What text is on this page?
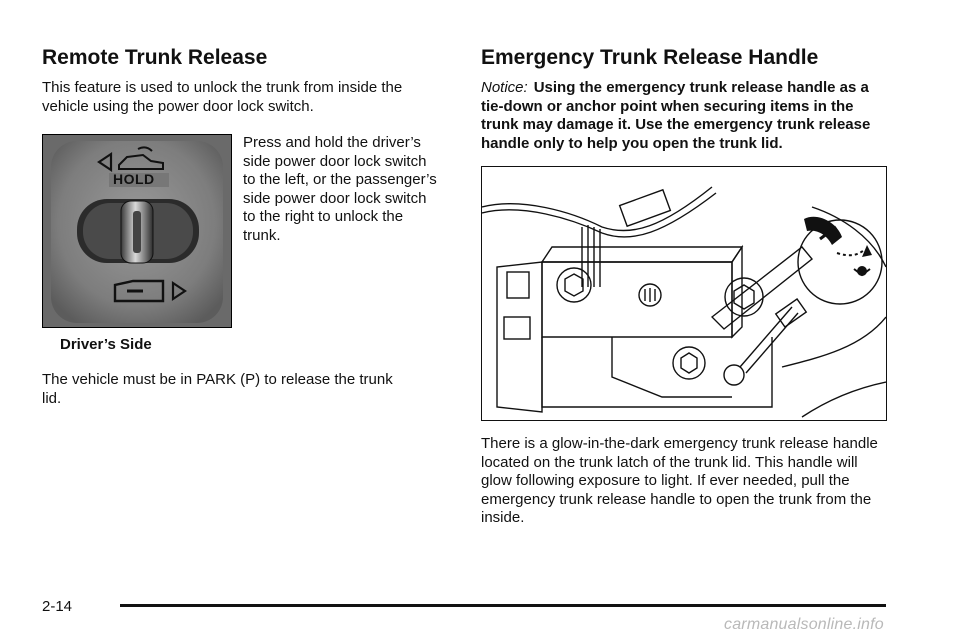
Remote Trunk Release
This feature is used to unlock the trunk from inside the vehicle using the power door lock switch.
HOLD
Press and hold the driver’s side power door lock switch to the left, or the passenger’s side power door lock switch to the right to unlock the trunk.
Driver’s Side
The vehicle must be in PARK (P) to release the trunk lid.
Emergency Trunk Release Handle
Notice: Using the emergency trunk release handle as a tie-down or anchor point when securing items in the trunk may damage it. Use the emergency trunk release handle only to help you open the trunk lid.
There is a glow-in-the-dark emergency trunk release handle located on the trunk latch of the trunk lid. This handle will glow following exposure to light. If ever needed, pull the emergency trunk release handle to open the trunk from the inside.
2-14
carmanualsonline.info
